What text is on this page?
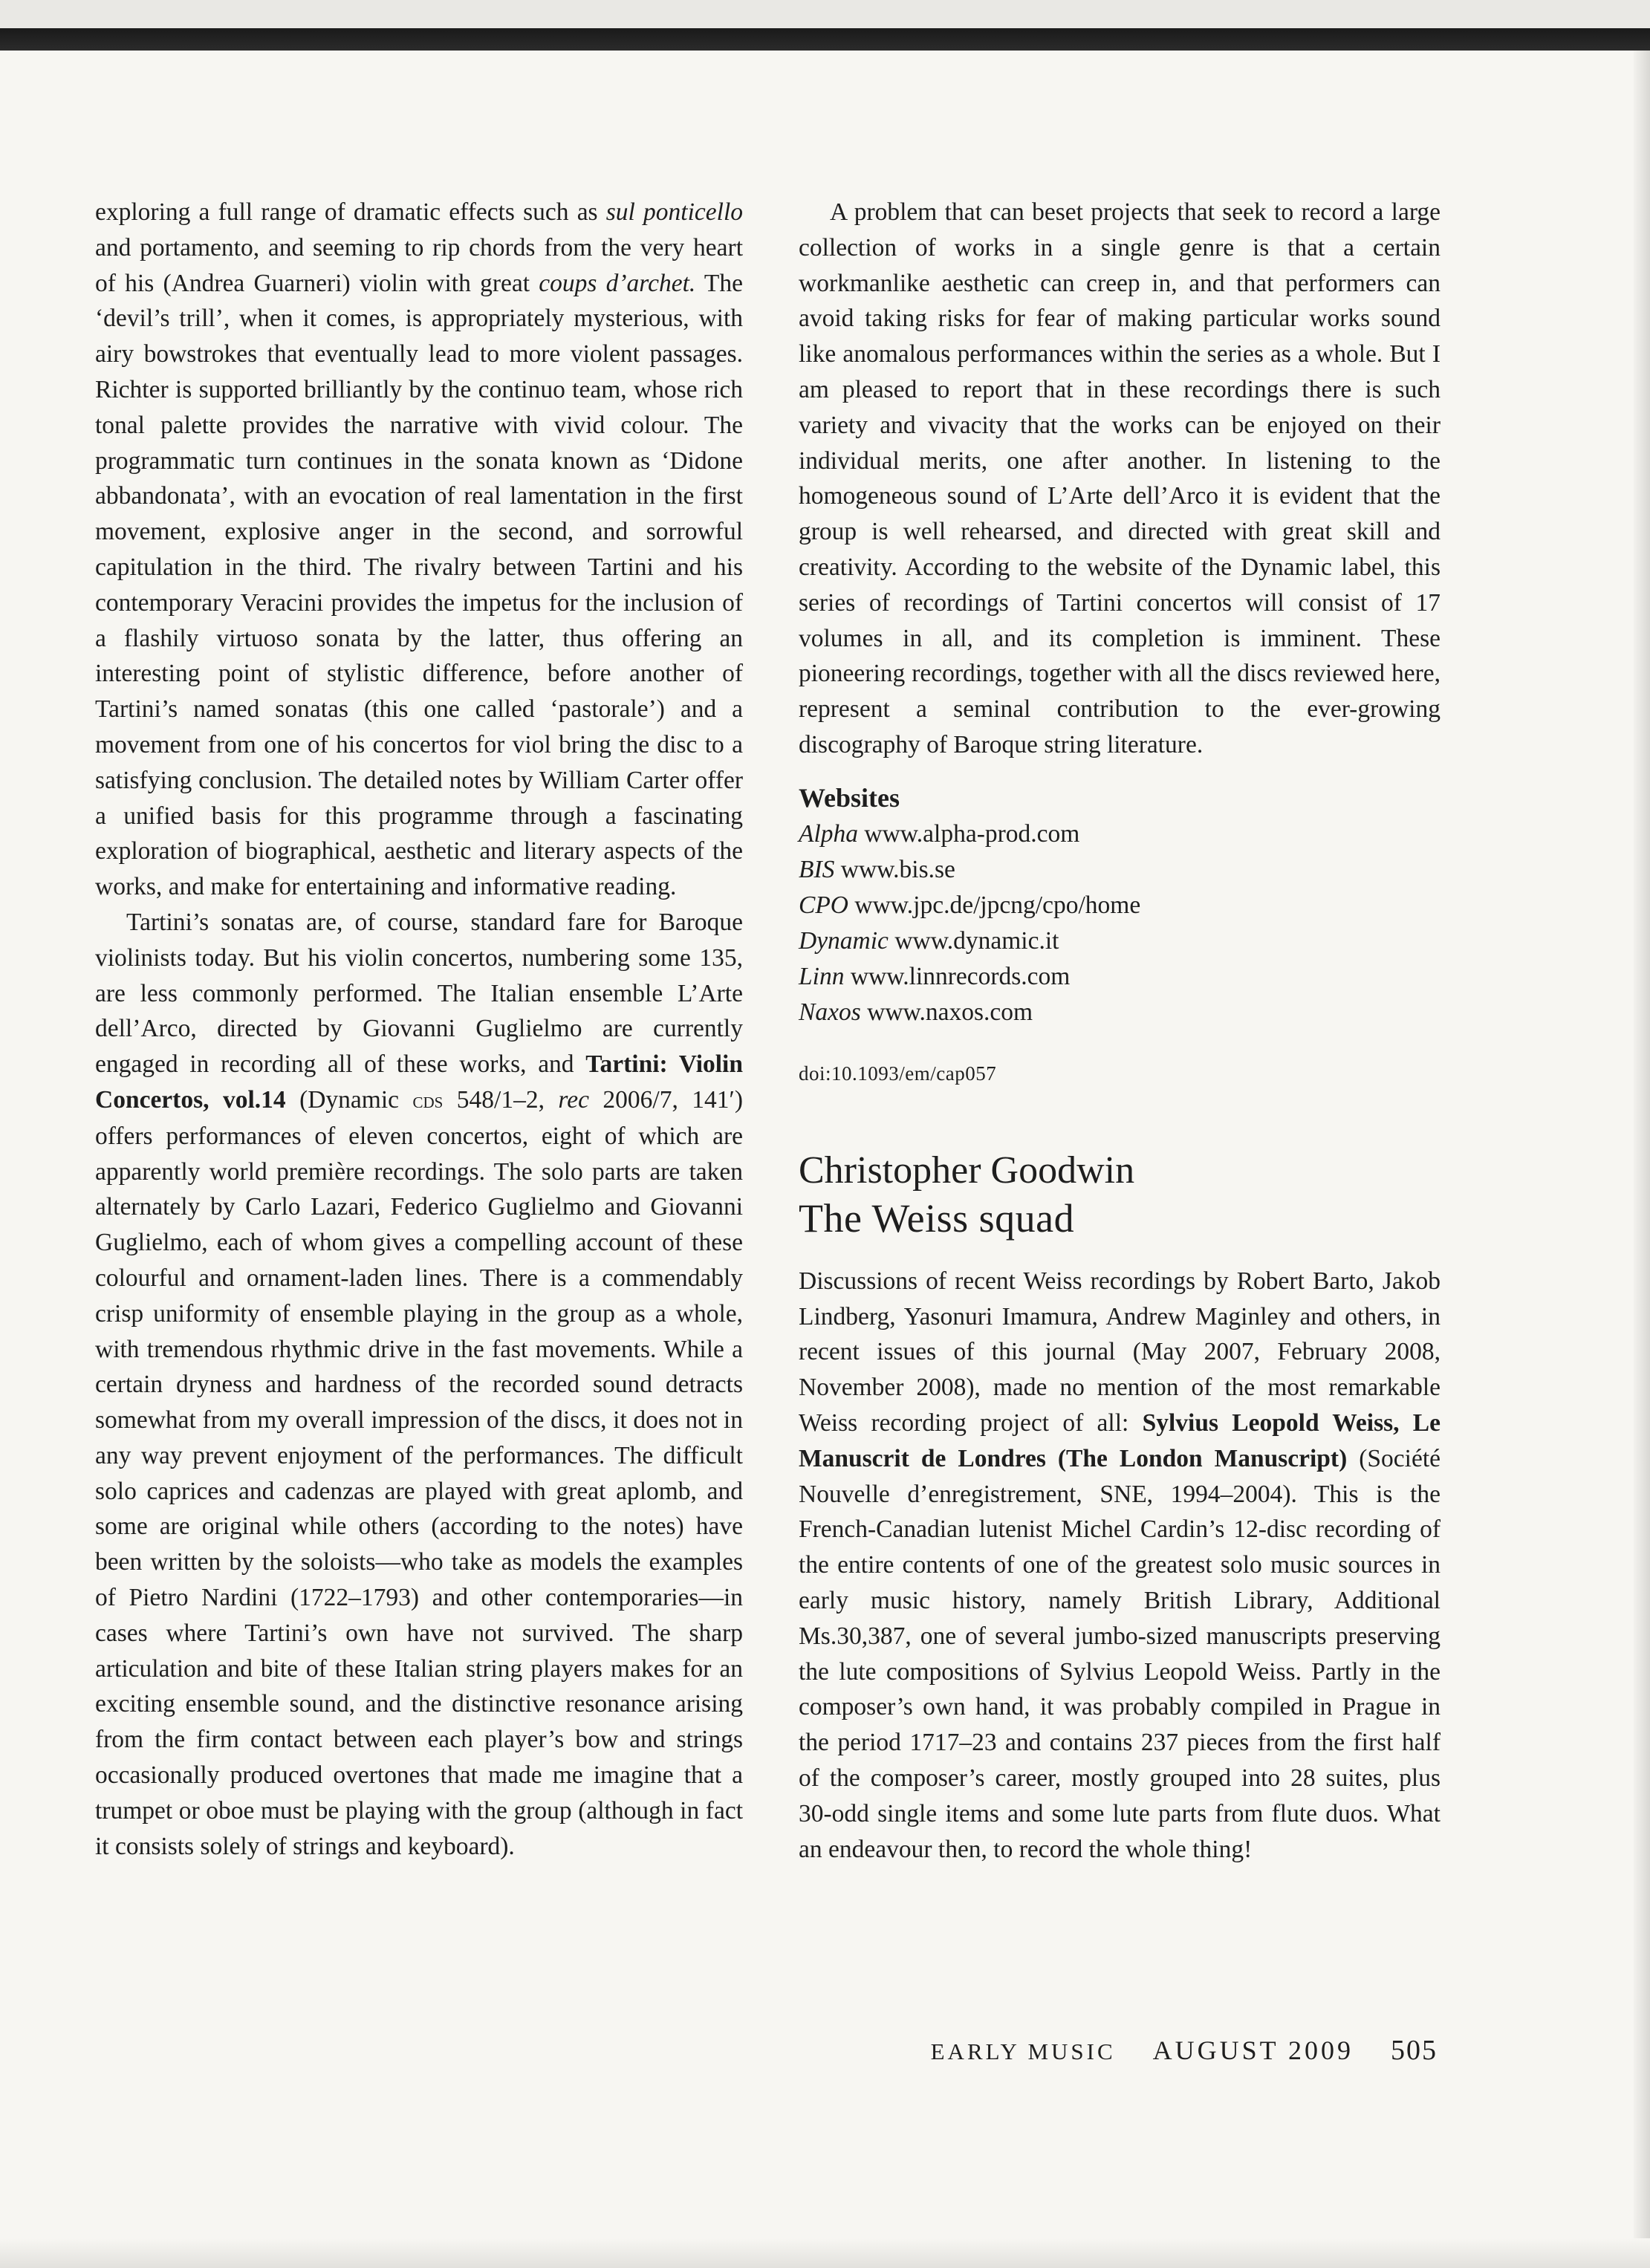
exploring a full range of dramatic effects such as sul ponticello and portamento, and seeming to rip chords from the very heart of his (Andrea Guarneri) violin with great coups d’archet. The ‘devil’s trill’, when it comes, is appropriately mysterious, with airy bowstrokes that eventually lead to more violent passages. Richter is supported brilliantly by the continuo team, whose rich tonal palette provides the narrative with vivid colour. The programmatic turn continues in the sonata known as ‘Didone abbandonata’, with an evocation of real lamentation in the first movement, explosive anger in the second, and sorrowful capitulation in the third. The rivalry between Tartini and his contemporary Veracini provides the impetus for the inclusion of a flashily virtuoso sonata by the latter, thus offering an interesting point of stylistic difference, before another of Tartini’s named sonatas (this one called ‘pastorale’) and a movement from one of his concertos for viol bring the disc to a satisfying conclusion. The detailed notes by William Carter offer a unified basis for this programme through a fascinating exploration of biographical, aesthetic and literary aspects of the works, and make for entertaining and informative reading.

Tartini’s sonatas are, of course, standard fare for Baroque violinists today. But his violin concertos, numbering some 135, are less commonly performed. The Italian ensemble L’Arte dell’Arco, directed by Giovanni Guglielmo are currently engaged in recording all of these works, and Tartini: Violin Concertos, vol.14 (Dynamic cds 548/1–2, rec 2006/7, 141′) offers performances of eleven concertos, eight of which are apparently world première recordings. The solo parts are taken alternately by Carlo Lazari, Federico Guglielmo and Giovanni Guglielmo, each of whom gives a compelling account of these colourful and ornament-laden lines. There is a commendably crisp uniformity of ensemble playing in the group as a whole, with tremendous rhythmic drive in the fast movements. While a certain dryness and hardness of the recorded sound detracts somewhat from my overall impression of the discs, it does not in any way prevent enjoyment of the performances. The difficult solo caprices and cadenzas are played with great aplomb, and some are original while others (according to the notes) have been written by the soloists—who take as models the examples of Pietro Nardini (1722–1793) and other contemporaries—in cases where Tartini’s own have not survived. The sharp articulation and bite of these Italian string players makes for an exciting ensemble sound, and the distinctive resonance arising from the firm contact between each player’s bow and strings occasionally produced overtones that made me imagine that a trumpet or oboe must be playing with the group (although in fact it consists solely of strings and keyboard).

A problem that can beset projects that seek to record a large collection of works in a single genre is that a certain workmanlike aesthetic can creep in, and that performers can avoid taking risks for fear of making particular works sound like anomalous performances within the series as a whole. But I am pleased to report that in these recordings there is such variety and vivacity that the works can be enjoyed on their individual merits, one after another. In listening to the homogeneous sound of L’Arte dell’Arco it is evident that the group is well rehearsed, and directed with great skill and creativity. According to the website of the Dynamic label, this series of recordings of Tartini concertos will consist of 17 volumes in all, and its completion is imminent. These pioneering recordings, together with all the discs reviewed here, represent a seminal contribution to the ever-growing discography of Baroque string literature.

Websites
Alpha www.alpha-prod.com
BIS www.bis.se
CPO www.jpc.de/jpcng/cpo/home
Dynamic www.dynamic.it
Linn www.linnrecords.com
Naxos www.naxos.com
doi:10.1093/em/cap057
Christopher Goodwin
The Weiss squad

Discussions of recent Weiss recordings by Robert Barto, Jakob Lindberg, Yasonuri Imamura, Andrew Maginley and others, in recent issues of this journal (May 2007, February 2008, November 2008), made no mention of the most remarkable Weiss recording project of all: Sylvius Leopold Weiss, Le Manuscrit de Londres (The London Manuscript) (Société Nouvelle d’enregistrement, SNE, 1994–2004). This is the French-Canadian lutenist Michel Cardin’s 12-disc recording of the entire contents of one of the greatest solo music sources in early music history, namely British Library, Additional Ms.30,387, one of several jumbo-sized manuscripts preserving the lute compositions of Sylvius Leopold Weiss. Partly in the composer’s own hand, it was probably compiled in Prague in the period 1717–23 and contains 237 pieces from the first half of the composer’s career, mostly grouped into 28 suites, plus 30-odd single items and some lute parts from flute duos. What an endeavour then, to record the whole thing!

EARLY MUSIC AUGUST 2009 505
